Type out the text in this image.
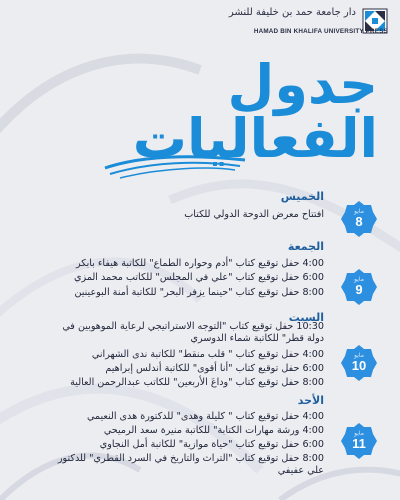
دار جامعة حمد بن خليفة للنشر
HAMAD BIN KHALIFA UNIVERSITY PRESS
جدول
الفعاليات
الخميس
افتتاح معرض الدوحة الدولي للكتاب	مايو
8
الجمعة
4:00 حفل توقيع كتاب "أدم وحواره الطماع" للكاتبة هيفاء بابكر
6:00 حفل توقيع كتاب "علي في المجلس" للكاتب محمد المزي
8:00 حفل توقيع كتاب "حينما يزفر البحر" للكاتبة أمنة البوعينين
مايو
9
السبت
10:30 حفل توقيع كتاب "التوجه الاستراتيجي لرعاية الموهوبين في دولة قطر" للكاتبة شماء الدوسري
4:00 حفل توقيع كتاب " قلب منقط" للكاتبة ندى الشهراني
6:00 حفل توقيع كتاب "أنا أقوى" للكاتبة أندلس إبراهيم
8:00 حفل توقيع كتاب "وداعَ الأربعين" للكاتب عبدالرحمن العالية
مايو
10
الأحد
4:00 حفل توقيع كتاب " كليلة وهدى" للدكتورة هدى النعيمي
4:00 ورشة مهارات الكتابة" للكاتبة منيرة سعد الرميحي
6:00 حفل توقيع كتاب "حياة موازية" للكاتبة أمل النجاوي
8:00 حفل توقيع كتاب "التراث والتاريخ في السرد القطري" للدكتور علي عفيفي
مايو
11
